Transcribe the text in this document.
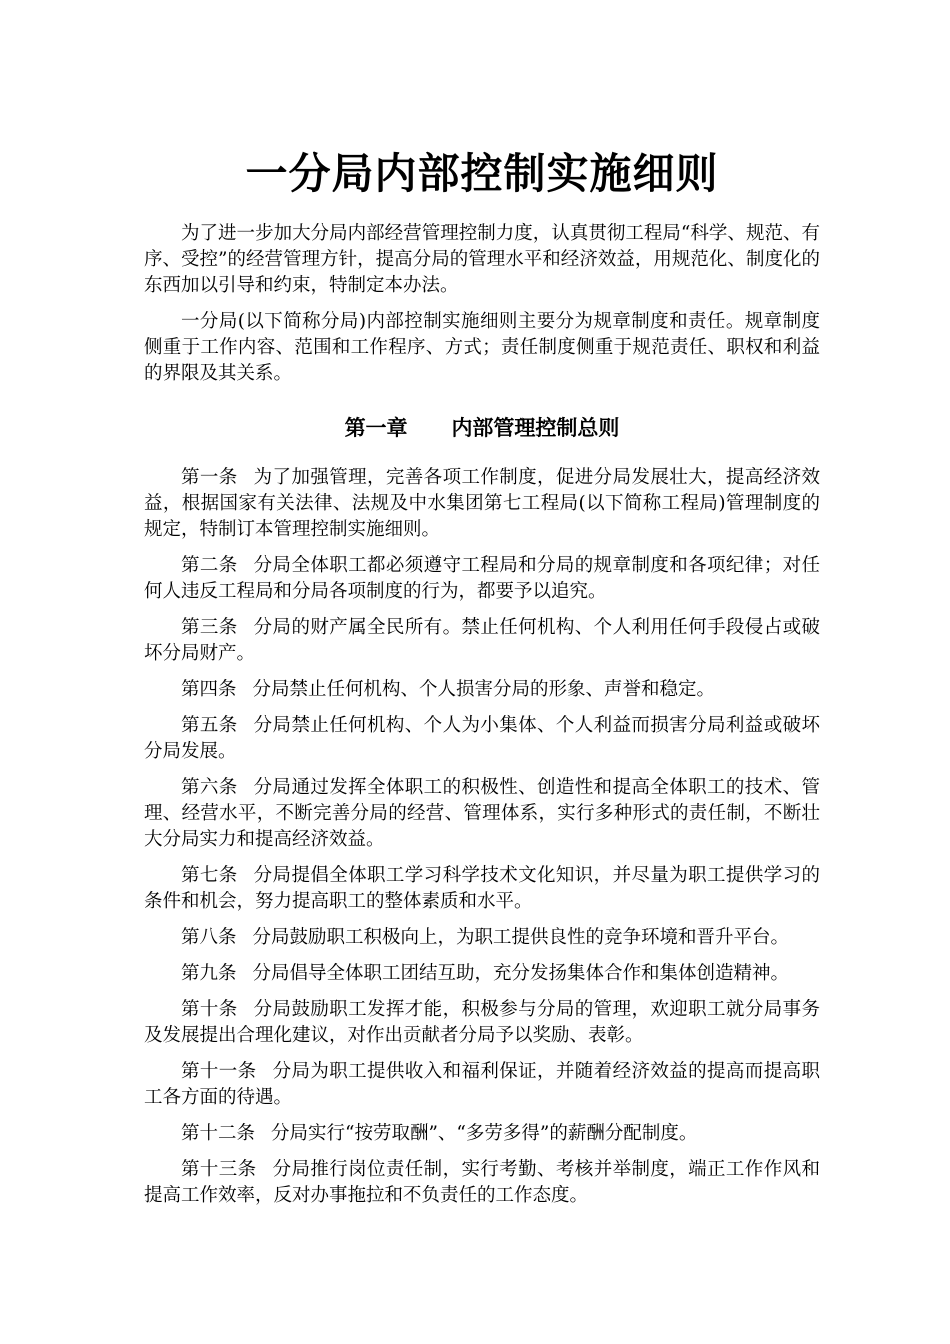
一分局内部控制实施细则

为了进一步加大分局内部经营管理控制力度，认真贯彻工程局“科学、规范、有序、受控”的经营管理方针，提高分局的管理水平和经济效益，用规范化、制度化的东西加以引导和约束，特制定本办法。

一分局(以下简称分局)内部控制实施细则主要分为规章制度和责任。规章制度侧重于工作内容、范围和工作程序、方式；责任制度侧重于规范责任、职权和利益的界限及其关系。

第一章 内部管理控制总则

第一条 为了加强管理，完善各项工作制度，促进分局发展壮大，提高经济效益，根据国家有关法律、法规及中水集团第七工程局(以下简称工程局)管理制度的规定，特制订本管理控制实施细则。

第二条 分局全体职工都必须遵守工程局和分局的规章制度和各项纪律；对任何人违反工程局和分局各项制度的行为，都要予以追究。

第三条 分局的财产属全民所有。禁止任何机构、个人利用任何手段侵占或破坏分局财产。

第四条 分局禁止任何机构、个人损害分局的形象、声誉和稳定。

第五条 分局禁止任何机构、个人为小集体、个人利益而损害分局利益或破坏分局发展。

第六条 分局通过发挥全体职工的积极性、创造性和提高全体职工的技术、管理、经营水平，不断完善分局的经营、管理体系，实行多种形式的责任制，不断壮大分局实力和提高经济效益。

第七条 分局提倡全体职工学习科学技术文化知识，并尽量为职工提供学习的条件和机会，努力提高职工的整体素质和水平。

第八条 分局鼓励职工积极向上，为职工提供良性的竞争环境和晋升平台。

第九条 分局倡导全体职工团结互助，充分发扬集体合作和集体创造精神。

第十条 分局鼓励职工发挥才能，积极参与分局的管理，欢迎职工就分局事务及发展提出合理化建议，对作出贡献者分局予以奖励、表彰。

第十一条 分局为职工提供收入和福利保证，并随着经济效益的提高而提高职工各方面的待遇。

第十二条 分局实行“按劳取酬”、“多劳多得”的薪酬分配制度。

第十三条 分局推行岗位责任制，实行考勤、考核并举制度，端正工作作风和提高工作效率，反对办事拖拉和不负责任的工作态度。
